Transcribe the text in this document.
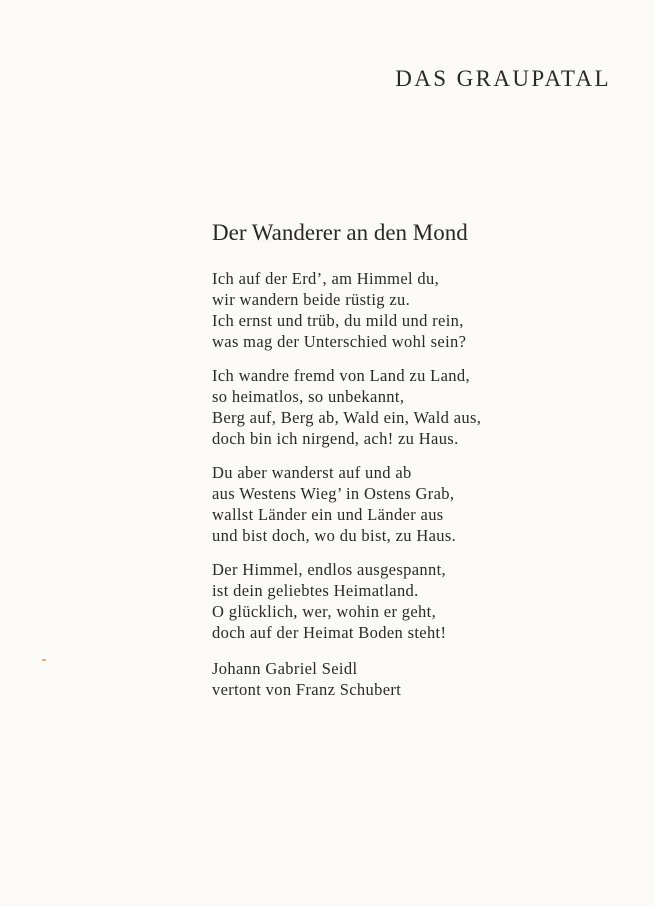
DAS GRAUPATAL
Der Wanderer an den Mond
Ich auf der Erd’, am Himmel du,
wir wandern beide rüstig zu.
Ich ernst und trüb, du mild und rein,
was mag der Unterschied wohl sein?
Ich wandre fremd von Land zu Land,
so heimatlos, so unbekannt,
Berg auf, Berg ab, Wald ein, Wald aus,
doch bin ich nirgend, ach! zu Haus.
Du aber wanderst auf und ab
aus Westens Wieg’ in Ostens Grab,
wallst Länder ein und Länder aus
und bist doch, wo du bist, zu Haus.
Der Himmel, endlos ausgespannt,
ist dein geliebtes Heimatland.
O glücklich, wer, wohin er geht,
doch auf der Heimat Boden steht!
Johann Gabriel Seidl
vertont von Franz Schubert
